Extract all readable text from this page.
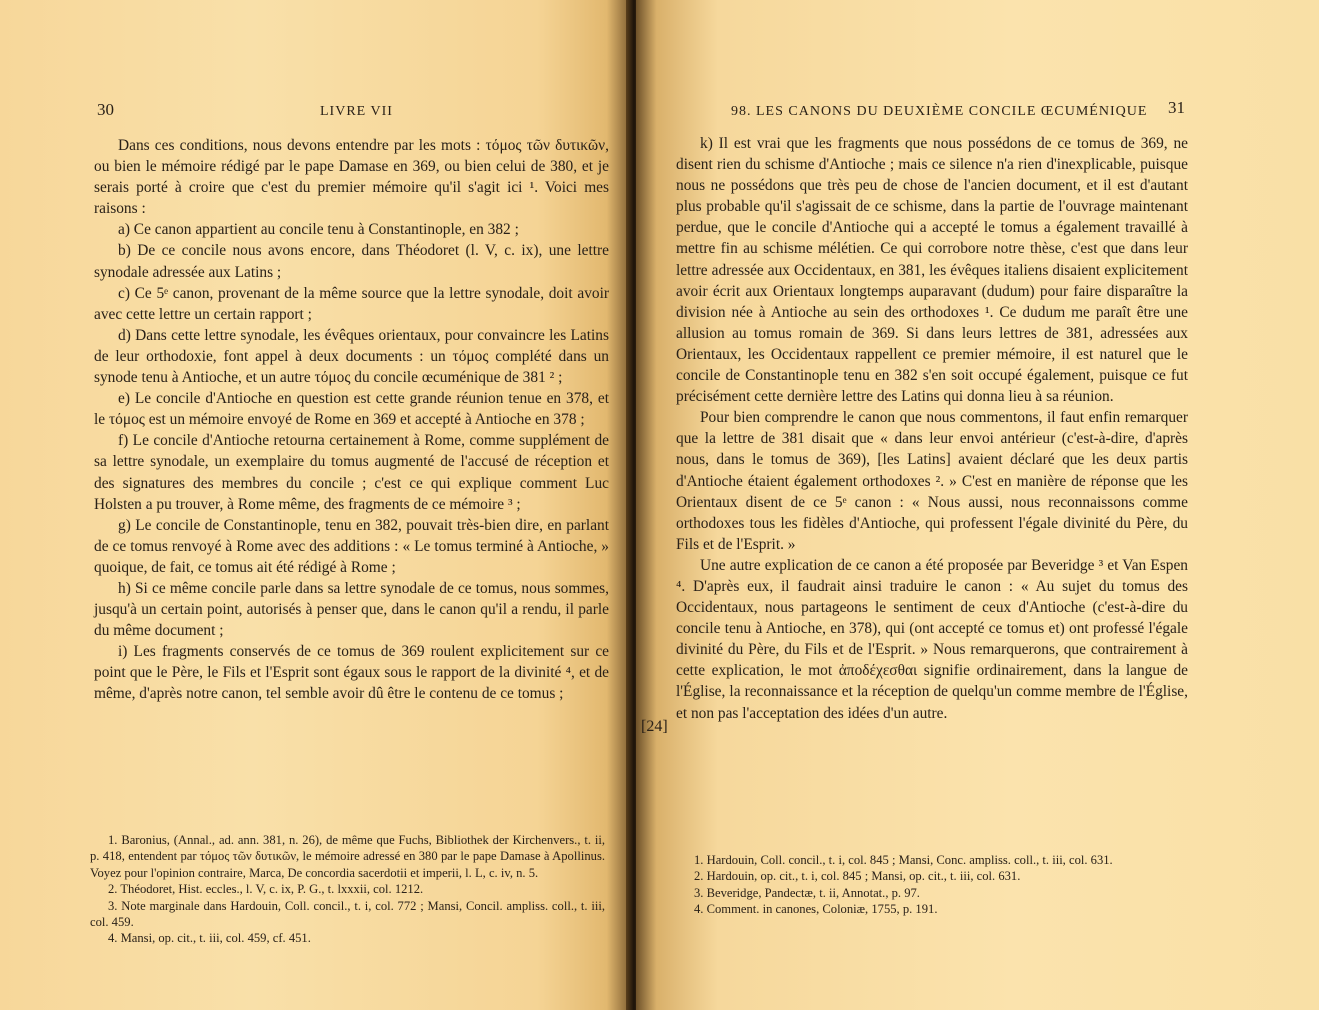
30	LIVRE VII

Dans ces conditions, nous devons entendre par les mots : τόμος τῶν δυτικῶν, ou bien le mémoire rédigé par le pape Damase en 369, ou bien celui de 380, et je serais porté à croire que c'est du premier mémoire qu'il s'agit ici ¹. Voici mes raisons :

a) Ce canon appartient au concile tenu à Constantinople, en 382 ;

b) De ce concile nous avons encore, dans Théodoret (l. V, c. ix), une lettre synodale adressée aux Latins ;

c) Ce 5ᵉ canon, provenant de la même source que la lettre synodale, doit avoir avec cette lettre un certain rapport ;

d) Dans cette lettre synodale, les évêques orientaux, pour convaincre les Latins de leur orthodoxie, font appel à deux documents : un τόμος complété dans un synode tenu à Antioche, et un autre τόμος du concile œcuménique de 381 ² ;

e) Le concile d'Antioche en question est cette grande réunion tenue en 378, et le τόμος est un mémoire envoyé de Rome en 369 et accepté à Antioche en 378 ;

f) Le concile d'Antioche retourna certainement à Rome, comme supplément de sa lettre synodale, un exemplaire du tomus augmenté de l'accusé de réception et des signatures des membres du concile ; c'est ce qui explique comment Luc Holsten a pu trouver, à Rome même, des fragments de ce mémoire ³ ;

g) Le concile de Constantinople, tenu en 382, pouvait très-bien dire, en parlant de ce tomus renvoyé à Rome avec des additions : « Le tomus terminé à Antioche, » quoique, de fait, ce tomus ait été rédigé à Rome ;

h) Si ce même concile parle dans sa lettre synodale de ce tomus, nous sommes, jusqu'à un certain point, autorisés à penser que, dans le canon qu'il a rendu, il parle du même document ;

i) Les fragments conservés de ce tomus de 369 roulent explicitement sur ce point que le Père, le Fils et l'Esprit sont égaux sous le rapport de la divinité ⁴, et de même, d'après notre canon, tel semble avoir dû être le contenu de ce tomus ;

1. Baronius, (Annal., ad. ann. 381, n. 26), de même que Fuchs, Bibliothek der Kirchenvers., t. ii, p. 418, entendent par τόμος τῶν δυτικῶν, le mémoire adressé en 380 par le pape Damase à Apollinus. Voyez pour l'opinion contraire, Marca, De concordia sacerdotii et imperii, l. L, c. iv, n. 5.

2. Théodoret, Hist. eccles., l. V, c. ix, P. G., t. lxxxii, col. 1212.

3. Note marginale dans Hardouin, Coll. concil., t. i, col. 772 ; Mansi, Concil. ampliss. coll., t. iii, col. 459.

4. Mansi, op. cit., t. iii, col. 459, cf. 451.

98. LES CANONS DU DEUXIÈME CONCILE ŒCUMÉNIQUE 31
[24]

k) Il est vrai que les fragments que nous possédons de ce tomus de 369, ne disent rien du schisme d'Antioche ; mais ce silence n'a rien d'inexplicable, puisque nous ne possédons que très peu de chose de l'ancien document, et il est d'autant plus probable qu'il s'agissait de ce schisme, dans la partie de l'ouvrage maintenant perdue, que le concile d'Antioche qui a accepté le tomus a également travaillé à mettre fin au schisme mélétien. Ce qui corrobore notre thèse, c'est que dans leur lettre adressée aux Occidentaux, en 381, les évêques italiens disaient explicitement avoir écrit aux Orientaux longtemps auparavant (dudum) pour faire disparaître la division née à Antioche au sein des orthodoxes ¹. Ce dudum me paraît être une allusion au tomus romain de 369. Si dans leurs lettres de 381, adressées aux Orientaux, les Occidentaux rappellent ce premier mémoire, il est naturel que le concile de Constantinople tenu en 382 s'en soit occupé également, puisque ce fut précisément cette dernière lettre des Latins qui donna lieu à sa réunion.

Pour bien comprendre le canon que nous commentons, il faut enfin remarquer que la lettre de 381 disait que « dans leur envoi antérieur (c'est-à-dire, d'après nous, dans le tomus de 369), [les Latins] avaient déclaré que les deux partis d'Antioche étaient également orthodoxes ². » C'est en manière de réponse que les Orientaux disent de ce 5ᵉ canon : « Nous aussi, nous reconnaissons comme orthodoxes tous les fidèles d'Antioche, qui professent l'égale divinité du Père, du Fils et de l'Esprit. »

Une autre explication de ce canon a été proposée par Beveridge ³ et Van Espen ⁴. D'après eux, il faudrait ainsi traduire le canon : « Au sujet du tomus des Occidentaux, nous partageons le sentiment de ceux d'Antioche (c'est-à-dire du concile tenu à Antioche, en 378), qui (ont accepté ce tomus et) ont professé l'égale divinité du Père, du Fils et de l'Esprit. » Nous remarquerons, que contrairement à cette explication, le mot ἀποδέχεσθαι signifie ordinairement, dans la langue de l'Église, la reconnaissance et la réception de quelqu'un comme membre de l'Église, et non pas l'acceptation des idées d'un autre.

1. Hardouin, Coll. concil., t. i, col. 845 ; Mansi, Conc. ampliss. coll., t. iii, col. 631.

2. Hardouin, op. cit., t. i, col. 845 ; Mansi, op. cit., t. iii, col. 631.

3. Beveridge, Pandectæ, t. ii, Annotat., p. 97.

4. Comment. in canones, Coloniæ, 1755, p. 191.
